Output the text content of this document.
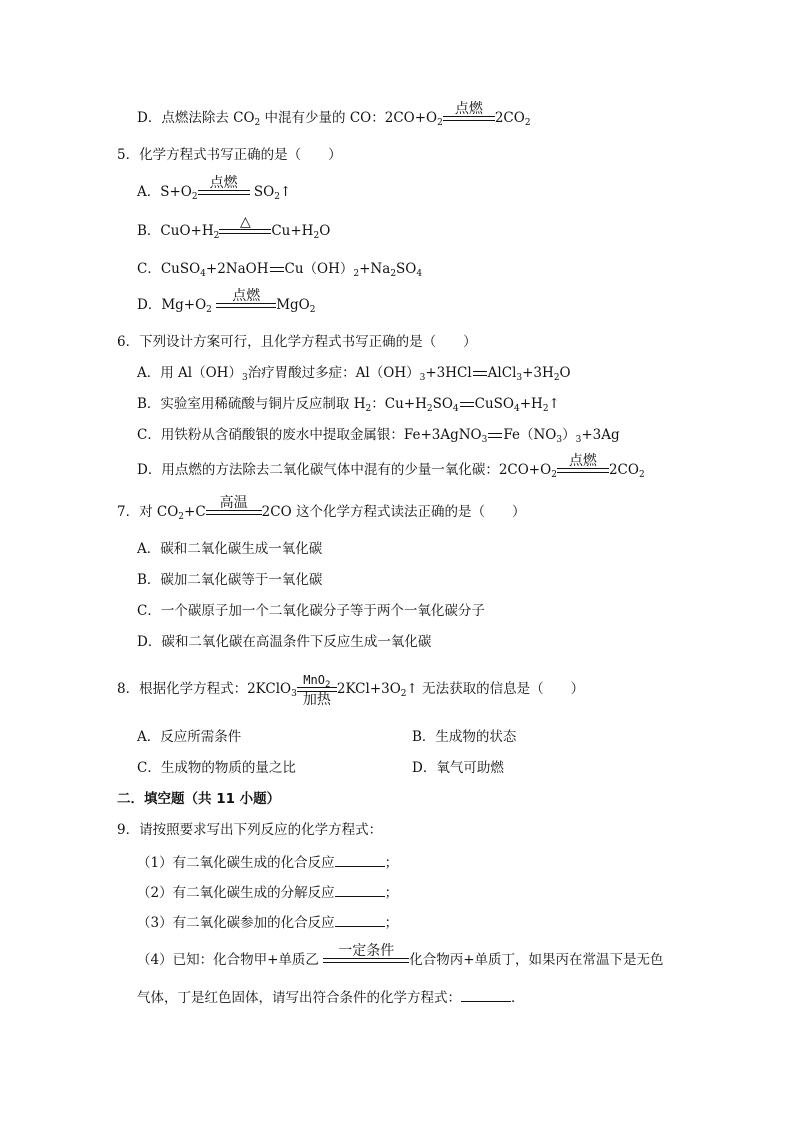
D．点燃法除去 $CO_2$ 中混有少量的 CO：$2CO+O_2$
点燃
$2CO_2$
5．化学方程式书写正确的是（　　）
A．$S+O_2$
点燃
$SO_2↑$
B．$CuO+H_2$
△
$Cu+H_2O$
C．CuSO$_4$+2NaOH $Cu(OH)_2+Na_2SO_4$
D．$Mg+O_2$
点燃
MgO$_2$
6．下列设计方案可行，且化学方程式书写正确的是（　　）
A．用 $Al(OH)_3$治疗胃酸过多症：$Al(OH)_3+3HCl$ $AlCl_3+3H_2O$
B．实验室用稀硫酸与铜片反应制取 $H_2$：$Cu+H_2SO_4$ $CuSO_4+H_2↑$
C．用铁粉从含硝酸银的废水中提取金属银：Fe+3AgNO$_3$ $Fe(NO_3)_3+3Ag$
D．用点燃的方法除去二氧化碳气体中混有的少量一氧化碳：$2CO+O_2$
点燃
$2CO_2$
7．对 $CO_2+C$
高温
2CO 这个化学方程式读法正确的是（　　）
A．碳和二氧化碳生成一氧化碳
B．碳加二氧化碳等于一氧化碳
C．一个碳原子加一个二氧化碳分子等于两个一氧化碳分子
D．碳和二氧化碳在高温条件下反应生成一氧化碳
8．根据化学方程式：2KClO$_3$
MnO$_2$
加热
$2KCl+3O_2↑$ 无法获取的信息是（　　）
A．反应所需条件	B．生成物的状态
C．生成物的物质的量之比	D．氧气可助燃
二．填空题（共 11 小题）
9．请按照要求写出下列反应的化学方程式：
（1）有二氧化碳生成的化合反应	；
（2）有二氧化碳生成的分解反应	；
（3）有二氧化碳参加的化合反应	；
（4）已知：化合物甲+单质乙
一定条件
化合物丙+单质丁，如果丙在常温下是无色
气体，丁是红色固体，请写出符合条件的化学方程式：	．
